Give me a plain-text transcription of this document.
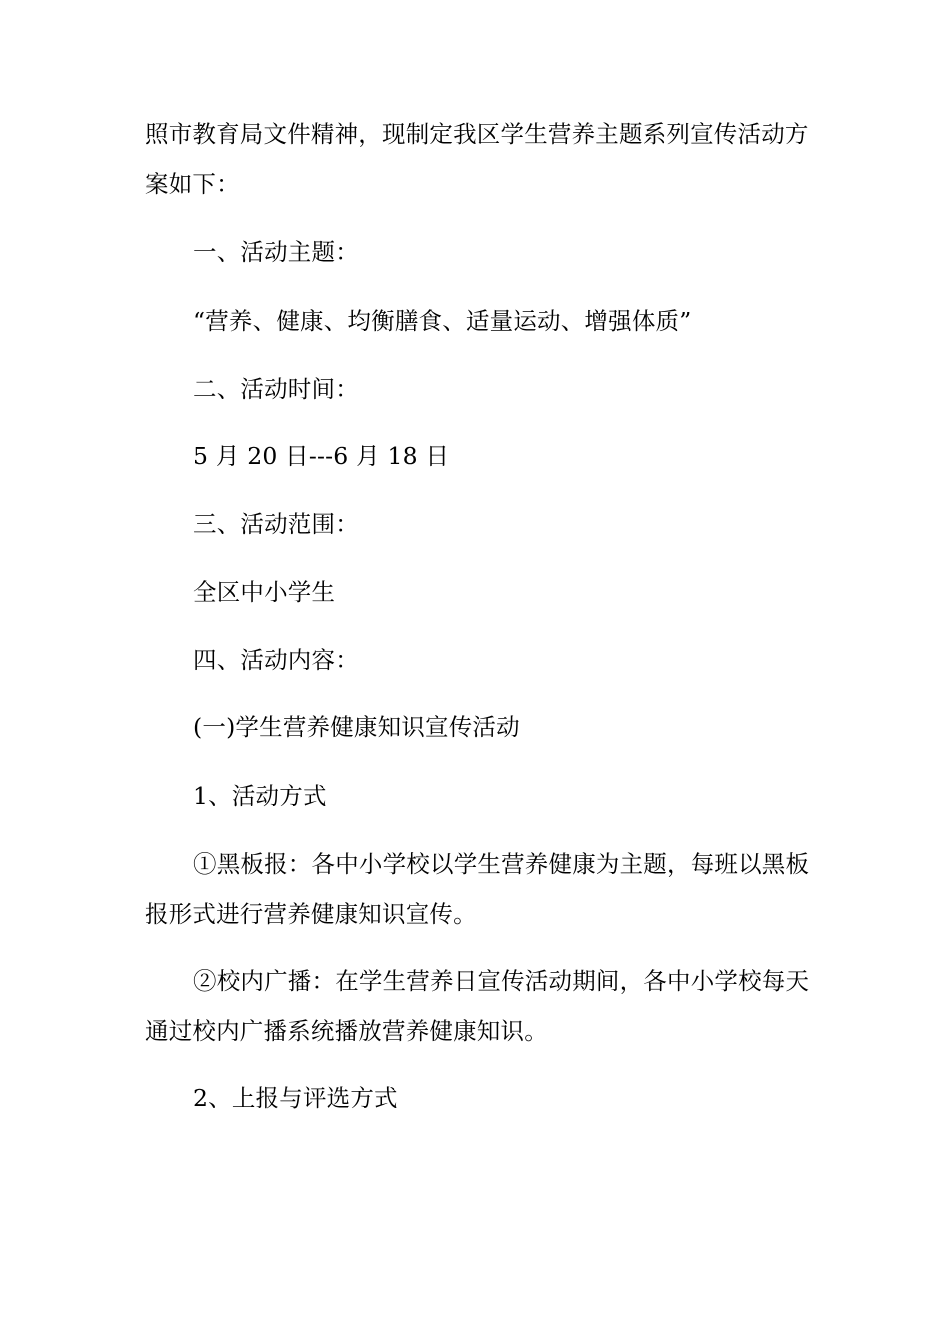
照市教育局文件精神，现制定我区学生营养主题系列宣传活动方
案如下：
一、活动主题：
“营养、健康、均衡膳食、适量运动、增强体质”
二、活动时间：
5 月 20 日---6 月 18 日
三、活动范围：
全区中小学生
四、活动内容：
(一)学生营养健康知识宣传活动
1、活动方式
①黑板报：各中小学校以学生营养健康为主题，每班以黑板
报形式进行营养健康知识宣传。
②校内广播：在学生营养日宣传活动期间，各中小学校每天
通过校内广播系统播放营养健康知识。
2、上报与评选方式
